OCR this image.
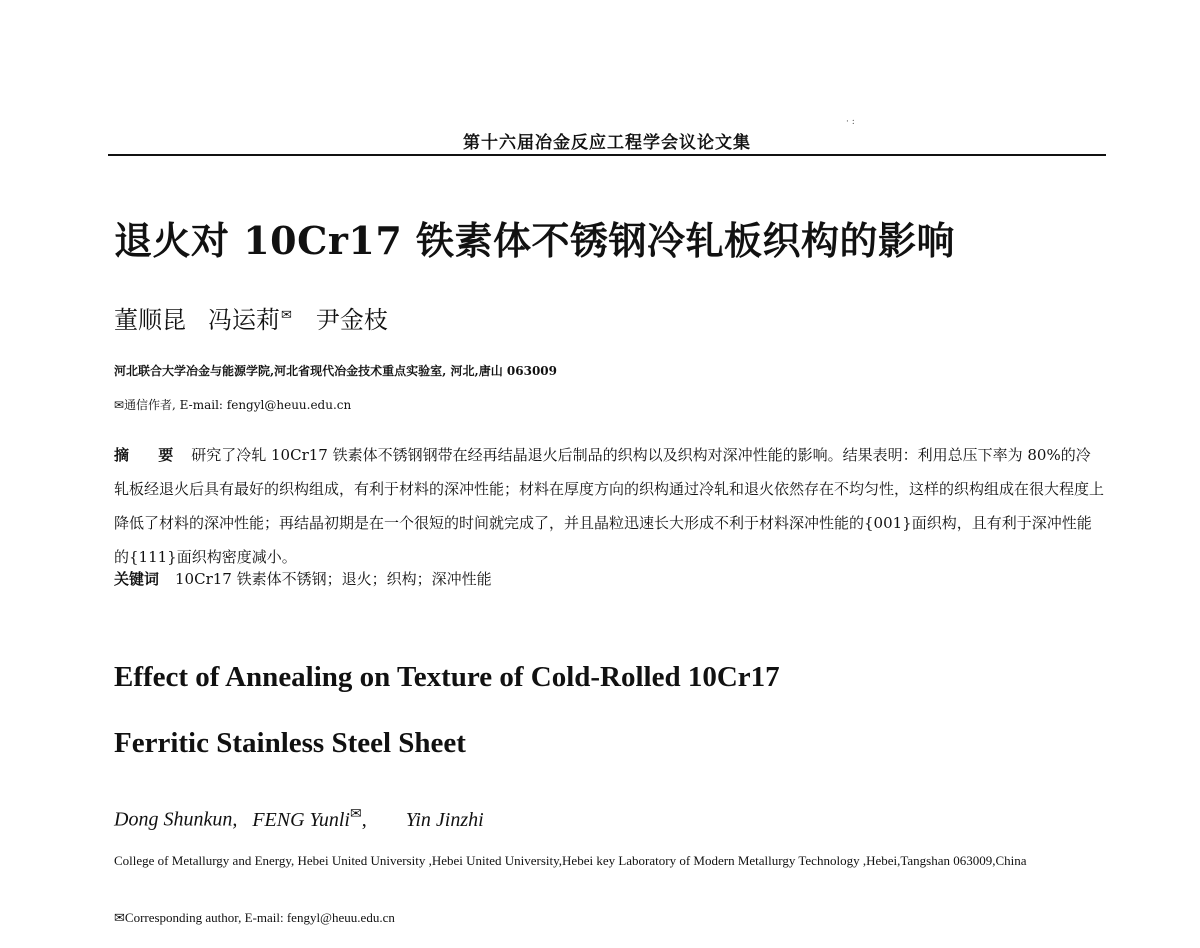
· :
第十六届冶金反应工程学会议论文集
退火对 10Cr17 铁素体不锈钢冷轧板织构的影响
董顺昆 冯运莉✉ 尹金枝
河北联合大学冶金与能源学院,河北省现代冶金技术重点实验室, 河北,唐山 063009
✉通信作者, E-mail: fengyl@heuu.edu.cn
摘 要 研究了冷轧 10Cr17 铁素体不锈钢钢带在经再结晶退火后制品的织构以及织构对深冲性能的影响。结果表明：利用总压下率为 80%的冷轧板经退火后具有最好的织构组成，有利于材料的深冲性能；材料在厚度方向的织构通过冷轧和退火依然存在不均匀性，这样的织构组成在很大程度上降低了材料的深冲性能；再结晶初期是在一个很短的时间就完成了，并且晶粒迅速长大形成不利于材料深冲性能的{001}面织构，且有利于深冲性能的{111}面织构密度减小。
关键词 10Cr17 铁素体不锈钢；退火；织构；深冲性能
Effect of Annealing on Texture of Cold-Rolled 10Cr17
Ferritic Stainless Steel Sheet
Dong Shunkun, FENG Yunli✉, Yin Jinzhi
College of Metallurgy and Energy, Hebei United University ,Hebei United University,Hebei key Laboratory of Modern Metallurgy Technology ,Hebei,Tangshan 063009,China
✉Corresponding author, E-mail: fengyl@heuu.edu.cn
